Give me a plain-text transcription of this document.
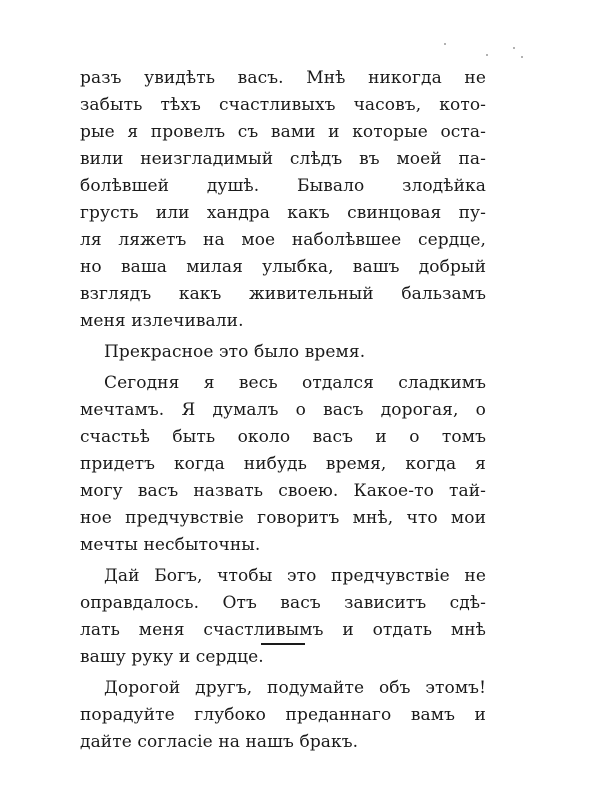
разъ увидѣть васъ. Мнѣ никогда не
забыть тѣхъ счастливыхъ часовъ, кото-
рые я провелъ съ вами и которые оста-
вили неизгладимый слѣдъ въ моей па-
болѣвшей душѣ. Бывало злодѣйка
грусть или хандра какъ свинцовая пу-
ля ляжетъ на мое наболѣвшее сердце,
но ваша милая улыбка, вашъ добрый
взглядъ какъ живительный бальзамъ
меня излечивали.
Прекрасное это было время.
Сегодня я весь отдался сладкимъ
мечтамъ. Я думалъ о васъ дорогая, о
счастьѣ быть около васъ и о томъ
придетъ когда нибудь время, когда я
могу васъ назвать своею. Какое-то тай-
ное предчувствіе говоритъ мнѣ, что мои
мечты несбыточны.
Дай Богъ, чтобы это предчувствіе не
оправдалось. Отъ васъ зависитъ сдѣ-
лать меня счастливымъ и отдать мнѣ
вашу руку и сердце.
Дорогой другъ, подумайте объ этомъ!
порадуйте глубоко преданнаго вамъ и
дайте согласіе на нашъ бракъ.
